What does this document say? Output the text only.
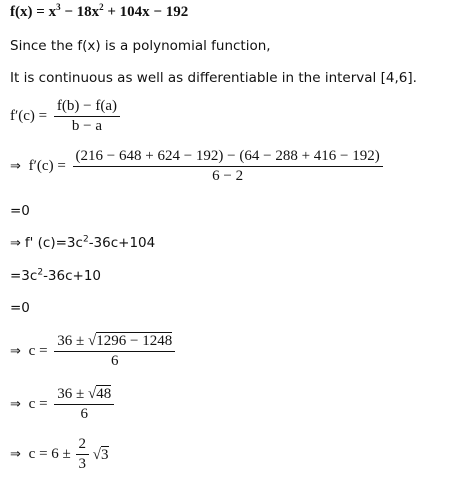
$f(x) = x^3 - 18x^2 + 104x - 192$
Since the f(x) is a polynomial function,
It is continuous as well as differentiable in the interval [4,6].
$f'(c) = \frac{f(b) - f(a)}{b - a}$
⇒ $f'(c) = \frac{(216 - 648 + 624 - 192) - (64 - 288 + 416 - 192)}{6 - 2}$
=0
⇒ f' $(c)=3c^2-36c+104$
$=3c^2-36c+10$
=0
⇒ $c = \frac{36 \pm √1296 - 1248}{6}$
⇒ $c = \frac{36 \pm √48}{6}$
⇒ $c = 6 \pm \frac{2}{3} √3$
